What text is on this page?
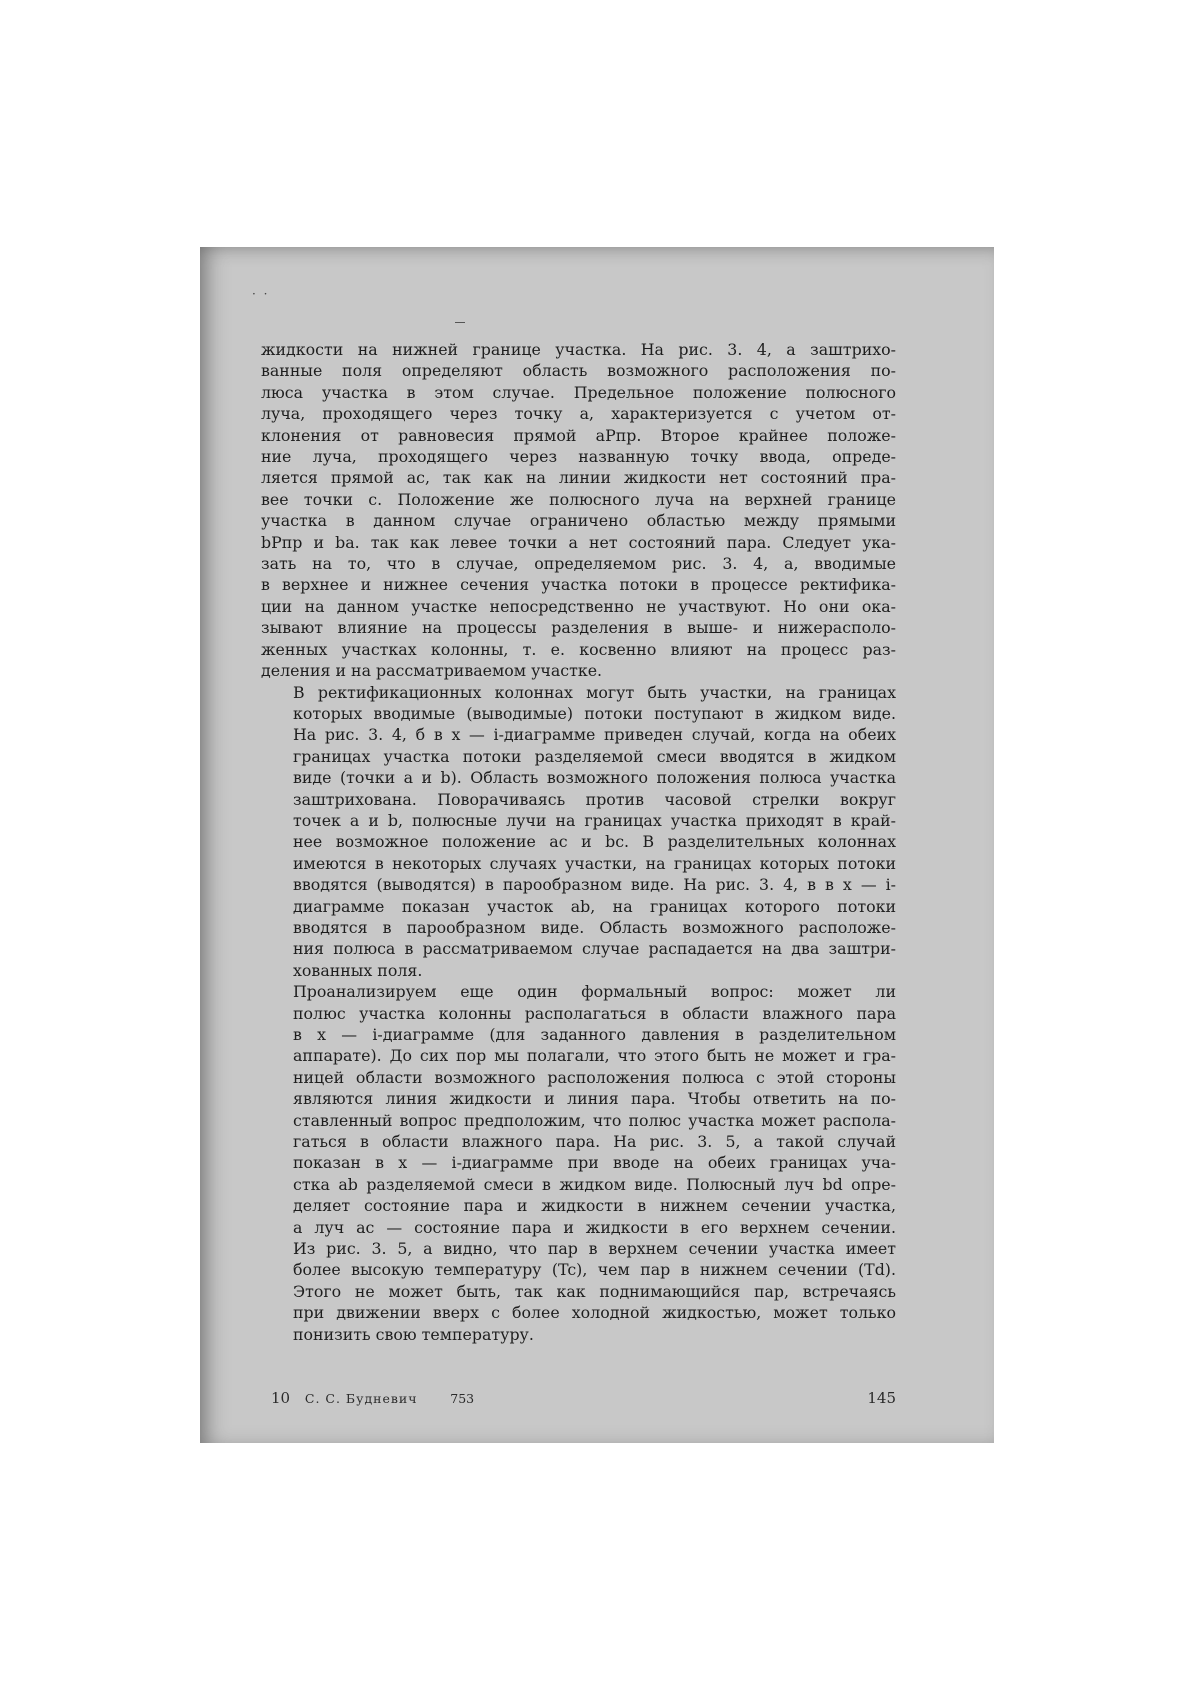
· ·

жидкости на нижней границе участка. На рис. 3. 4, а заштрихо-
ванные поля определяют область возможного расположения по-
люса участка в этом случае. Предельное положение полюсного
луча, проходящего через точку а, характеризуется с учетом от-
клонения от равновесия прямой aPпр. Второе крайнее положе-
ние луча, проходящего через названную точку ввода, опреде-
ляется прямой ас, так как на линии жидкости нет состояний пра-
вее точки с. Положение же полюсного луча на верхней границе
участка в данном случае ограничено областью между прямыми
bPпр и bа. так как левее точки а нет состояний пара. Следует ука-
зать на то, что в случае, определяемом рис. 3. 4, а, вводимые
в верхнее и нижнее сечения участка потоки в процессе ректифика-
ции на данном участке непосредственно не участвуют. Но они ока-
зывают влияние на процессы разделения в выше- и нижерасполо-
женных участках колонны, т. е. косвенно влияют на процесс раз-
деления и на рассматриваемом участке.

В ректификационных колоннах могут быть участки, на границах
которых вводимые (выводимые) потоки поступают в жидком виде.
На рис. 3. 4, б в x — i-диаграмме приведен случай, когда на обеих
границах участка потоки разделяемой смеси вводятся в жидком
виде (точки а и b). Область возможного положения полюса участка
заштрихована. Поворачиваясь против часовой стрелки вокруг
точек а и b, полюсные лучи на границах участка приходят в край-
нее возможное положение ас и bс. В разделительных колоннах
имеются в некоторых случаях участки, на границах которых потоки
вводятся (выводятся) в парообразном виде. На рис. 3. 4, в в x — i-
диаграмме показан участок ab, на границах которого потоки
вводятся в парообразном виде. Область возможного расположе-
ния полюса в рассматриваемом случае распадается на два заштри-
хованных поля.

Проанализируем еще один формальный вопрос: может ли
полюс участка колонны располагаться в области влажного пара
в x — i-диаграмме (для заданного давления в разделительном
аппарате). До сих пор мы полагали, что этого быть не может и гра-
ницей области возможного расположения полюса с этой стороны
являются линия жидкости и линия пара. Чтобы ответить на по-
ставленный вопрос предположим, что полюс участка может распола-
гаться в области влажного пара. На рис. 3. 5, а такой случай
показан в x — i-диаграмме при вводе на обеих границах уча-
стка ab разделяемой смеси в жидком виде. Полюсный луч bd опре-
деляет состояние пара и жидкости в нижнем сечении участка,
а луч ас — состояние пара и жидкости в его верхнем сечении.
Из рис. 3. 5, а видно, что пар в верхнем сечении участка имеет
более высокую температуру (Tc), чем пар в нижнем сечении (Td).
Этого не может быть, так как поднимающийся пар, встречаясь
при движении вверх с более холодной жидкостью, может только
понизить свою температуру.

10 С. С. Будневич	753	145
